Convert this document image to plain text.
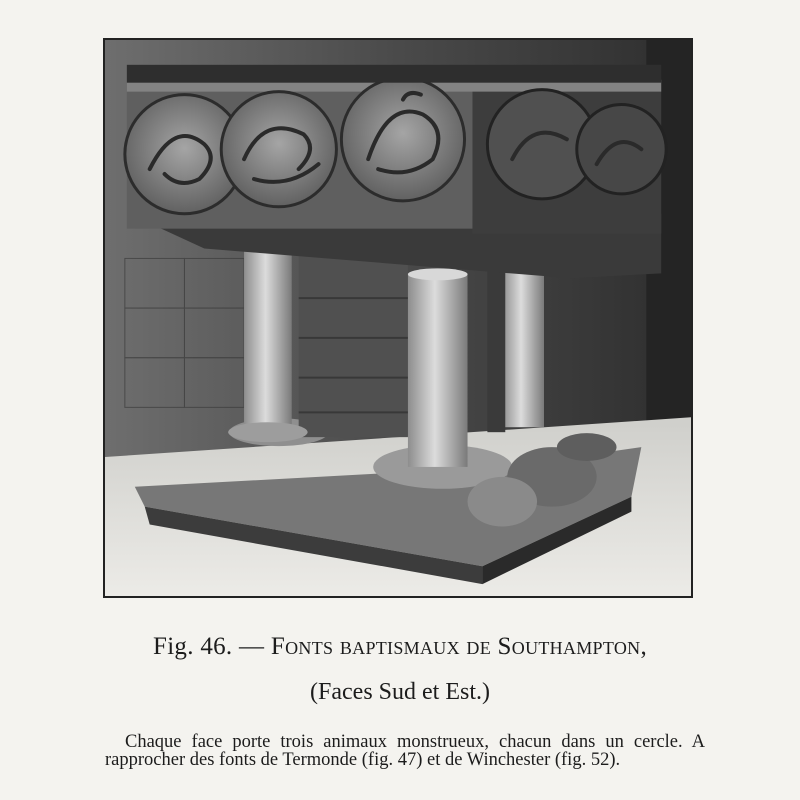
Fig. 46. — Fonts baptismaux de Southampton,
(Faces Sud et Est.)

Chaque face porte trois animaux monstrueux, chacun dans un cercle. A rapprocher des fonts de Termonde (fig. 47) et de Winchester (fig. 52).
